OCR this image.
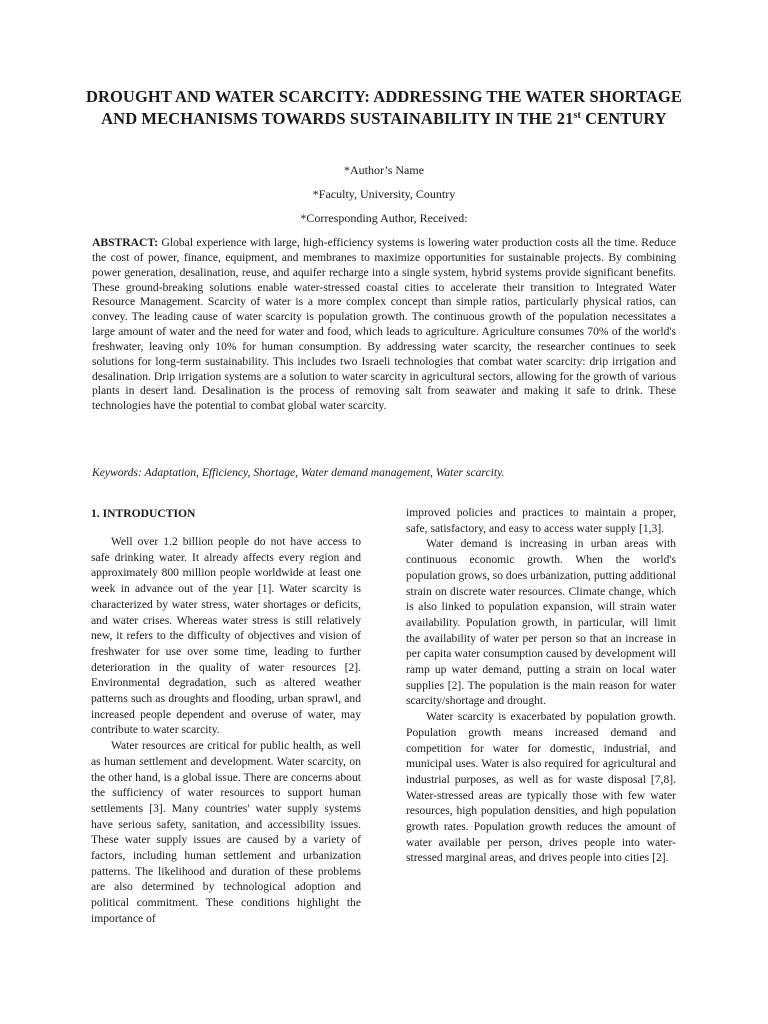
DROUGHT AND WATER SCARCITY: ADDRESSING THE WATER SHORTAGE AND MECHANISMS TOWARDS SUSTAINABILITY IN THE 21st CENTURY
*Author’s Name
*Faculty, University, Country
*Corresponding Author, Received:
ABSTRACT: Global experience with large, high-efficiency systems is lowering water production costs all the time. Reduce the cost of power, finance, equipment, and membranes to maximize opportunities for sustainable projects. By combining power generation, desalination, reuse, and aquifer recharge into a single system, hybrid systems provide significant benefits. These ground-breaking solutions enable water-stressed coastal cities to accelerate their transition to Integrated Water Resource Management. Scarcity of water is a more complex concept than simple ratios, particularly physical ratios, can convey. The leading cause of water scarcity is population growth. The continuous growth of the population necessitates a large amount of water and the need for water and food, which leads to agriculture. Agriculture consumes 70% of the world's freshwater, leaving only 10% for human consumption. By addressing water scarcity, the researcher continues to seek solutions for long-term sustainability. This includes two Israeli technologies that combat water scarcity: drip irrigation and desalination. Drip irrigation systems are a solution to water scarcity in agricultural sectors, allowing for the growth of various plants in desert land. Desalination is the process of removing salt from seawater and making it safe to drink. These technologies have the potential to combat global water scarcity.
Keywords: Adaptation, Efficiency, Shortage, Water demand management, Water scarcity.
1. INTRODUCTION

Well over 1.2 billion people do not have access to safe drinking water. It already affects every region and approximately 800 million people worldwide at least one week in advance out of the year [1]. Water scarcity is characterized by water stress, water shortages or deficits, and water crises. Whereas water stress is still relatively new, it refers to the difficulty of objectives and vision of freshwater for use over some time, leading to further deterioration in the quality of water resources [2]. Environmental degradation, such as altered weather patterns such as droughts and flooding, urban sprawl, and increased people dependent and overuse of water, may contribute to water scarcity.

Water resources are critical for public health, as well as human settlement and development. Water scarcity, on the other hand, is a global issue. There are concerns about the sufficiency of water resources to support human settlements [3]. Many countries' water supply systems have serious safety, sanitation, and accessibility issues. These water supply issues are caused by a variety of factors, including human settlement and urbanization patterns. The likelihood and duration of these problems are also determined by technological adoption and political commitment. These conditions highlight the importance of

improved policies and practices to maintain a proper, safe, satisfactory, and easy to access water supply [1,3].

Water demand is increasing in urban areas with continuous economic growth. When the world's population grows, so does urbanization, putting additional strain on discrete water resources. Climate change, which is also linked to population expansion, will strain water availability. Population growth, in particular, will limit the availability of water per person so that an increase in per capita water consumption caused by development will ramp up water demand, putting a strain on local water supplies [2]. The population is the main reason for water scarcity/shortage and drought.

Water scarcity is exacerbated by population growth. Population growth means increased demand and competition for water for domestic, industrial, and municipal uses. Water is also required for agricultural and industrial purposes, as well as for waste disposal [7,8]. Water-stressed areas are typically those with few water resources, high population densities, and high population growth rates. Population growth reduces the amount of water available per person, drives people into water-stressed marginal areas, and drives people into cities [2].
